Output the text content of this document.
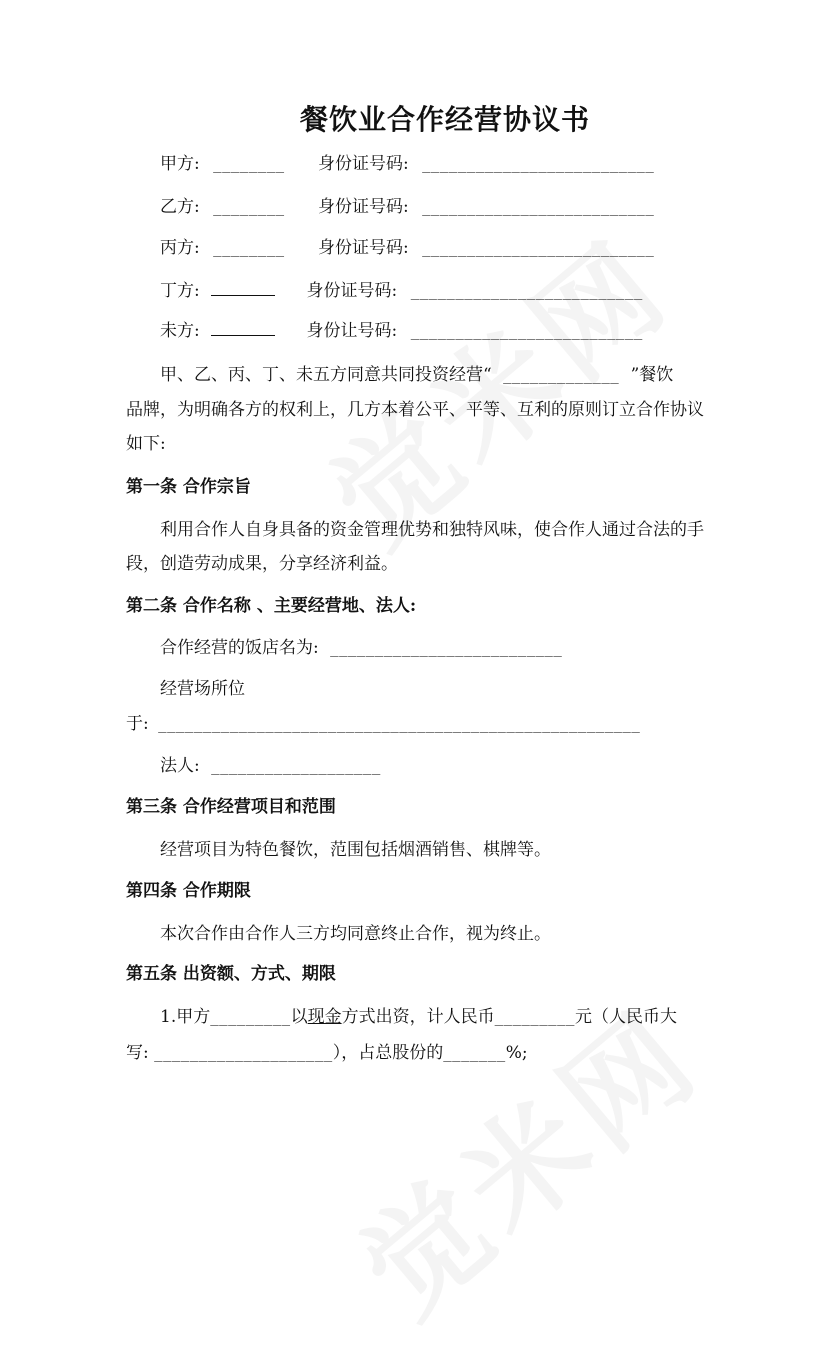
餐饮业合作经营协议书
甲方: ________ 身份证号码: __________________________
乙方: ________ 身份证号码: __________________________
丙方: ________ 身份证号码: __________________________
丁方:	身份证号码: __________________________
未方:	身份让号码: __________________________
甲、乙、丙、丁、未五方同意共同投资经营“ _____________ ”餐饮
品牌，为明确各方的权利上，几方本着公平、平等、互利的原则订立合作协议
如下:
第一条 合作宗旨
利用合作人自身具备的资金管理优势和独特风味，使合作人通过合法的手
段，创造劳动成果，分享经济利益。
第二条 合作名称 、主要经营地、法人:
合作经营的饭店名为: __________________________
经营场所位
于: ______________________________________________________
法人: ___________________
第三条 合作经营项目和范围
经营项目为特色餐饮，范围包括烟酒销售、棋牌等。
第四条 合作期限
本次合作由合作人三方均同意终止合作，视为终止。
第五条 出资额、方式、期限
1.甲方_________以现金方式出资，计人民币_________元（人民币大
写: ____________________），占总股份的_______%;
